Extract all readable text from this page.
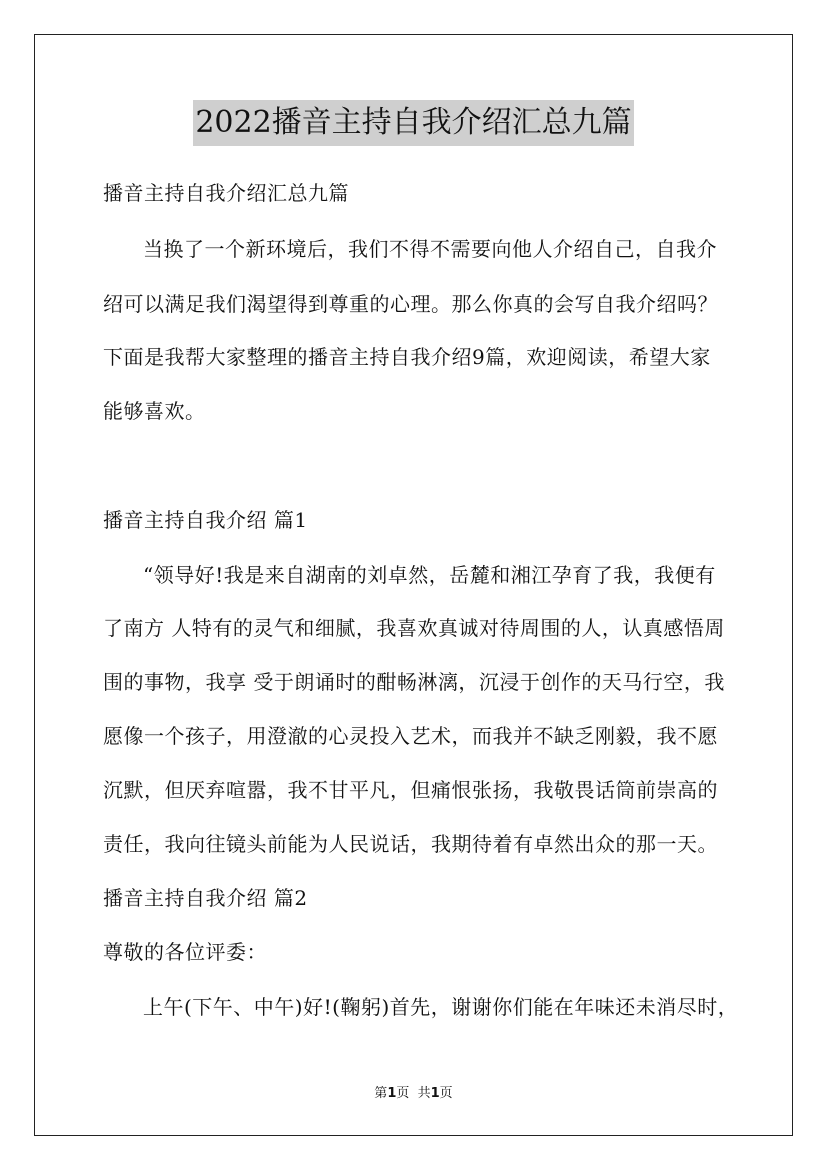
2022播音主持自我介绍汇总九篇
播音主持自我介绍汇总九篇
当换了一个新环境后，我们不得不需要向他人介绍自己，自我介
绍可以满足我们渴望得到尊重的心理。那么你真的会写自我介绍吗？
下面是我帮大家整理的播音主持自我介绍9篇，欢迎阅读，希望大家
能够喜欢。
播音主持自我介绍 篇1
“领导好!我是来自湖南的刘卓然，岳麓和湘江孕育了我，我便有
了南方 人特有的灵气和细腻，我喜欢真诚对待周围的人，认真感悟周
围的事物，我享 受于朗诵时的酣畅淋漓，沉浸于创作的天马行空，我
愿像一个孩子，用澄澈的心灵投入艺术，而我并不缺乏刚毅，我不愿
沉默，但厌弃喧嚣，我不甘平凡，但痛恨张扬，我敬畏话筒前崇高的
责任，我向往镜头前能为人民说话，我期待着有卓然出众的那一天。
播音主持自我介绍 篇2
尊敬的各位评委：
上午(下午、中午)好!(鞠躬)首先，谢谢你们能在年味还未消尽时，
第1页  共1页
